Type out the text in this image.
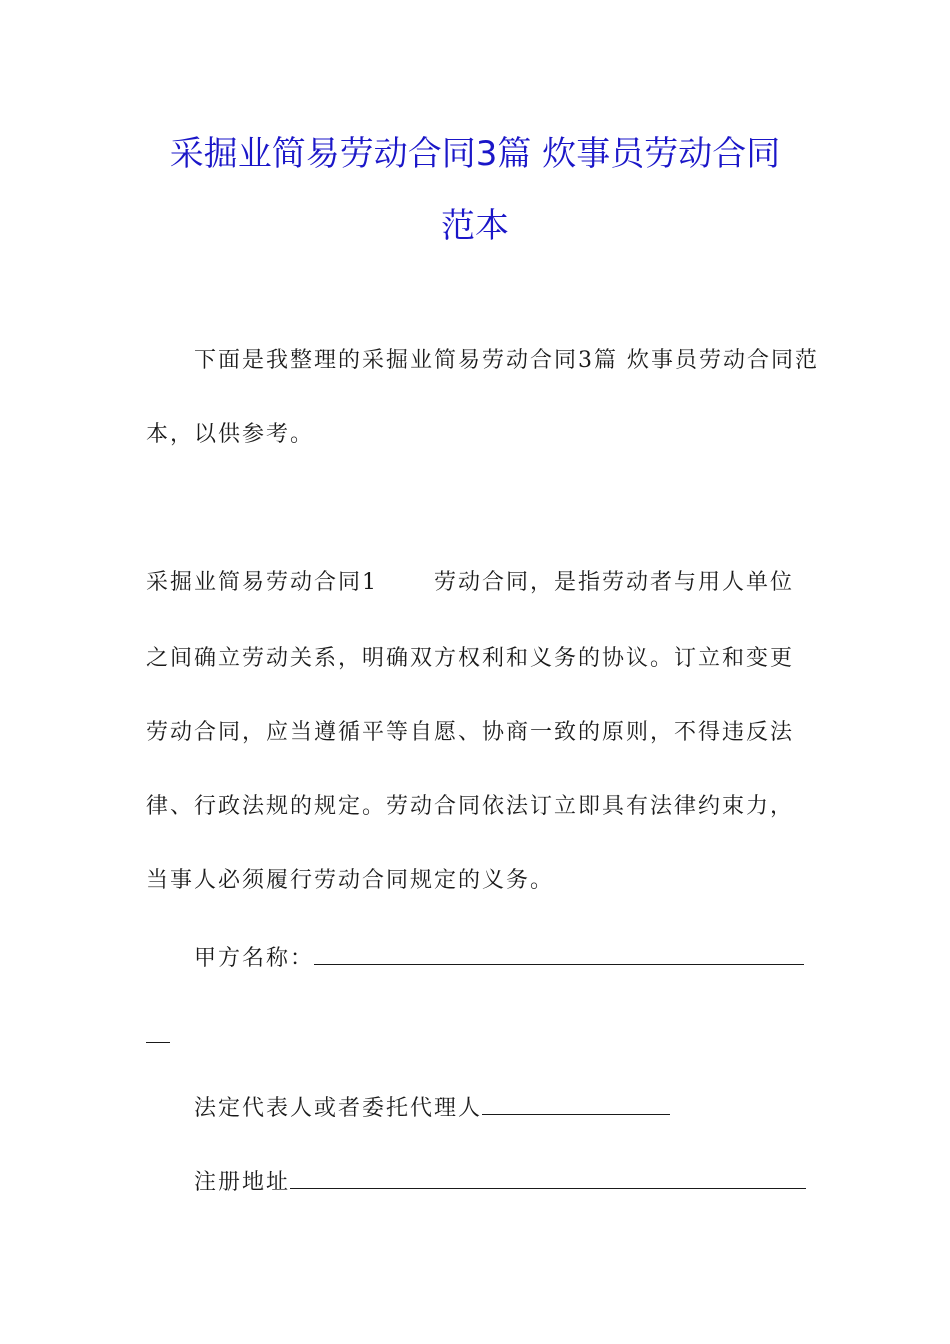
采掘业简易劳动合同3篇 炊事员劳动合同
范本
下面是我整理的采掘业简易劳动合同3篇 炊事员劳动合同范
本，以供参考。
采掘业简易劳动合同1	劳动合同，是指劳动者与用人单位
之间确立劳动关系，明确双方权利和义务的协议。订立和变更
劳动合同，应当遵循平等自愿、协商一致的原则，不得违反法
律、行政法规的规定。劳动合同依法订立即具有法律约束力，
当事人必须履行劳动合同规定的义务。
甲方名称：
法定代表人或者委托代理人
注册地址
